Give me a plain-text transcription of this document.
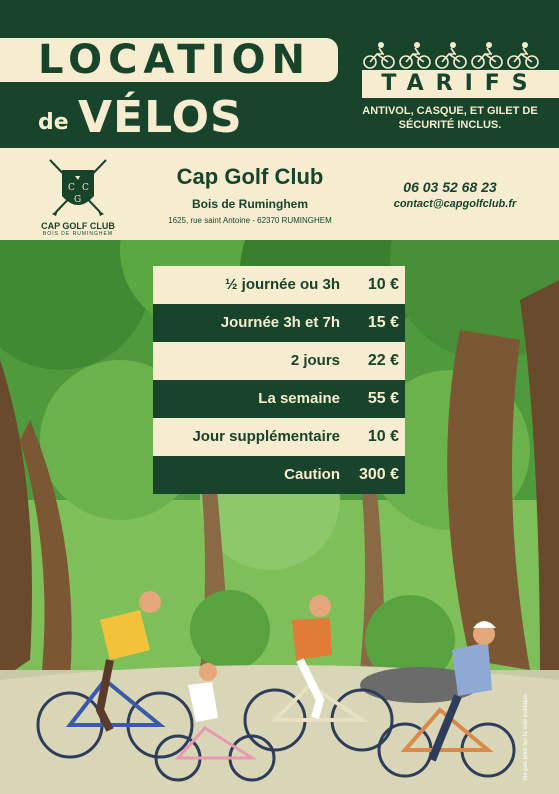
LOCATION
de VÉLOS
TARIFS
ANTIVOL, CASQUE, ET GILET DE SÉCURITÉ INCLUS.
C C
G
CAP GOLF CLUB
BOIS DE RUMINGHEM
Cap Golf Club
Bois de Ruminghem
1625, rue saint Antoine - 62370 RUMINGHEM
06 03 52 68 23
contact@capgolfclub.fr
½ journée ou 3h	10 €
Journée 3h et 7h	15 €
2 jours	22 €
La semaine	55 €
Jour supplémentaire	10 €
Caution	300 €
Ne pas jeter sur la voie publique
